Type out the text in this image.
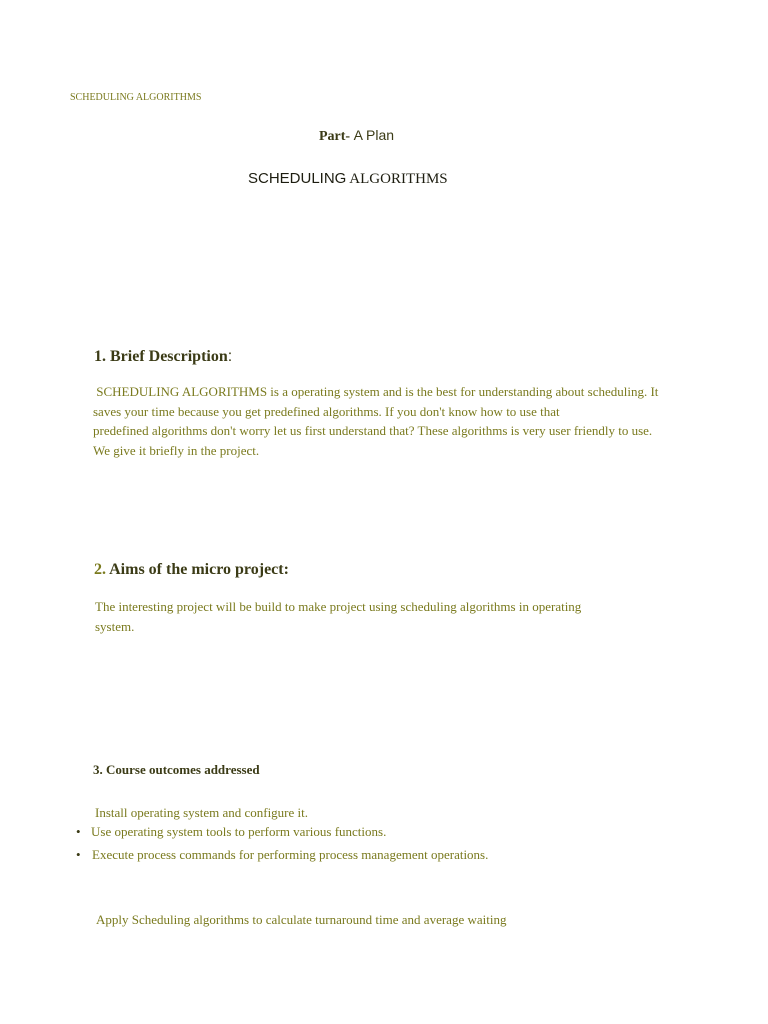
SCHEDULING ALGORITHMS
Part- A Plan
SCHEDULING ALGORITHMS
1. Brief Description:
SCHEDULING ALGORITHMS is a operating system and is the best for understanding about scheduling. It
saves your time because you get predefined algorithms. If you don't know how to use that
predefined algorithms don't worry let us first understand that? These algorithms is very user friendly to use.
We give it briefly in the project.
2. Aims of the micro project:
The interesting project will be build to make project using scheduling algorithms in operating
system.
3. Course outcomes addressed
Install operating system and configure it.
• Use operating system tools to perform various functions.
• Execute process commands for performing process management operations.
Apply Scheduling algorithms to calculate turnaround time and average waiting
